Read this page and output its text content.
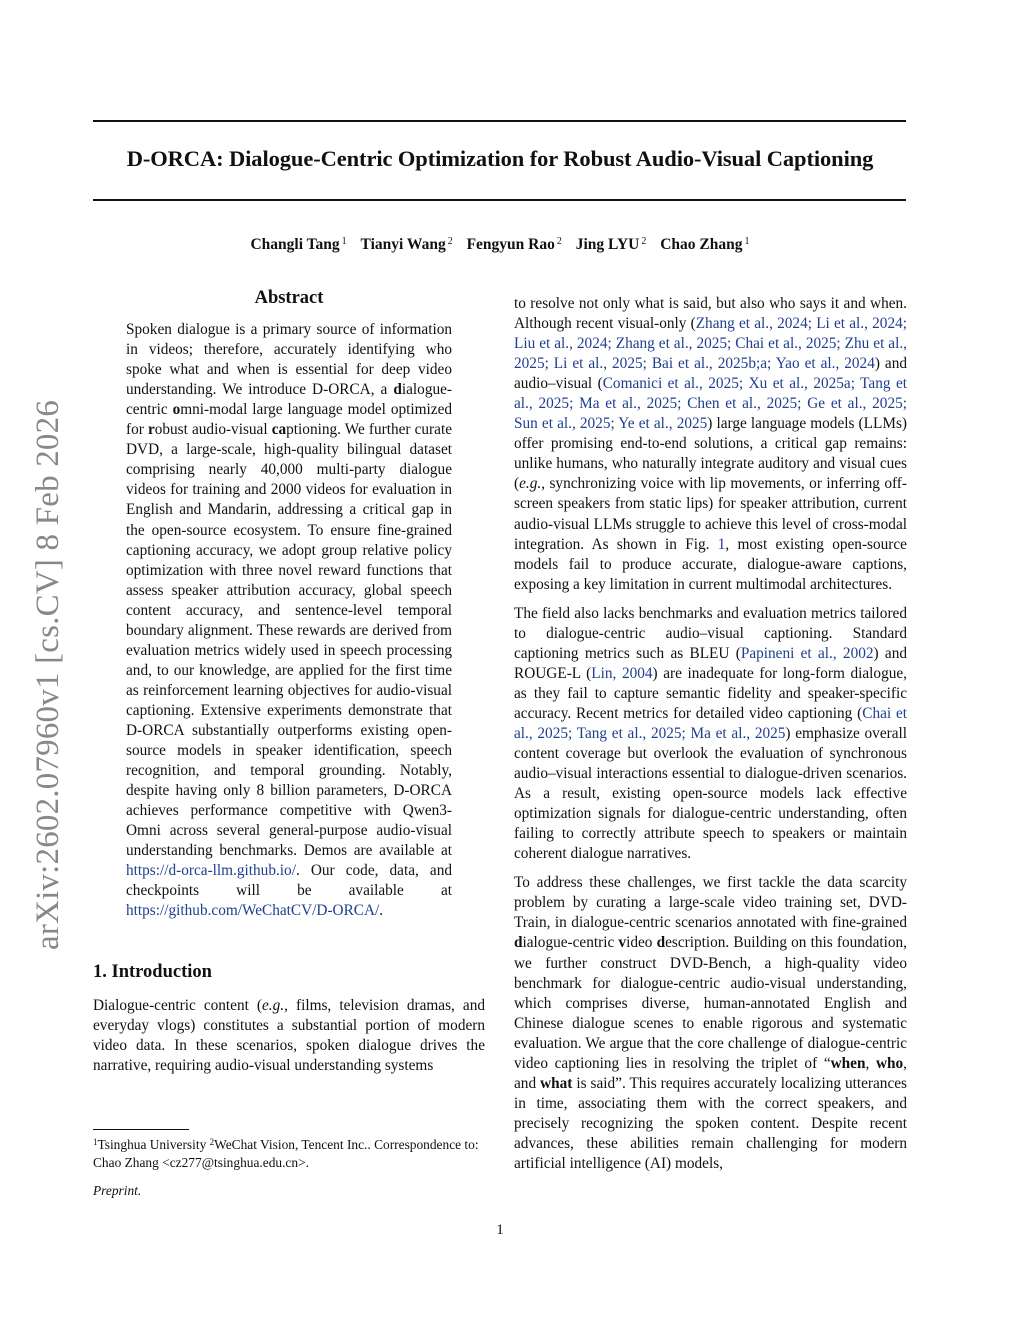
arXiv:2602.07960v1 [cs.CV] 8 Feb 2026
D-ORCA: Dialogue-Centric Optimization for Robust Audio-Visual Captioning
Changli Tang $^1$ Tianyi Wang $^2$ Fengyun Rao $^2$ Jing LYU $^2$ Chao Zhang $^1$
Abstract

Spoken dialogue is a primary source of information in videos; therefore, accurately identifying who spoke what and when is essential for deep video understanding. We introduce D-ORCA, a dialogue-centric omni-modal large language model optimized for robust audio-visual captioning. We further curate DVD, a large-scale, high-quality bilingual dataset comprising nearly 40,000 multi-party dialogue videos for training and 2000 videos for evaluation in English and Mandarin, addressing a critical gap in the open-source ecosystem. To ensure fine-grained captioning accuracy, we adopt group relative policy optimization with three novel reward functions that assess speaker attribution accuracy, global speech content accuracy, and sentence-level temporal boundary alignment. These rewards are derived from evaluation metrics widely used in speech processing and, to our knowledge, are applied for the first time as reinforcement learning objectives for audio-visual captioning. Extensive experiments demonstrate that D-ORCA substantially outperforms existing open-source models in speaker identification, speech recognition, and temporal grounding. Notably, despite having only 8 billion parameters, D-ORCA achieves performance competitive with Qwen3-Omni across several general-purpose audio-visual understanding benchmarks. Demos are available at https://d-orca-llm.github.io/. Our code, data, and checkpoints will be available at https://github.com/WeChatCV/D-ORCA/.

1. Introduction

Dialogue-centric content (e.g., films, television dramas, and everyday vlogs) constitutes a substantial portion of modern video data. In these scenarios, spoken dialogue drives the narrative, requiring audio-visual understanding systems

to resolve not only what is said, but also who says it and when. Although recent visual-only (Zhang et al., 2024; Li et al., 2024; Liu et al., 2024; Zhang et al., 2025; Chai et al., 2025; Zhu et al., 2025; Li et al., 2025; Bai et al., 2025b;a; Yao et al., 2024) and audio–visual (Comanici et al., 2025; Xu et al., 2025a; Tang et al., 2025; Ma et al., 2025; Chen et al., 2025; Ge et al., 2025; Sun et al., 2025; Ye et al., 2025) large language models (LLMs) offer promising end-to-end solutions, a critical gap remains: unlike humans, who naturally integrate auditory and visual cues (e.g., synchronizing voice with lip movements, or inferring off-screen speakers from static lips) for speaker attribution, current audio-visual LLMs struggle to achieve this level of cross-modal integration. As shown in Fig. 1, most existing open-source models fail to produce accurate, dialogue-aware captions, exposing a key limitation in current multimodal architectures.

The field also lacks benchmarks and evaluation metrics tailored to dialogue-centric audio–visual captioning. Standard captioning metrics such as BLEU (Papineni et al., 2002) and ROUGE-L (Lin, 2004) are inadequate for long-form dialogue, as they fail to capture semantic fidelity and speaker-specific accuracy. Recent metrics for detailed video captioning (Chai et al., 2025; Tang et al., 2025; Ma et al., 2025) emphasize overall content coverage but overlook the evaluation of synchronous audio–visual interactions essential to dialogue-driven scenarios. As a result, existing open-source models lack effective optimization signals for dialogue-centric understanding, often failing to correctly attribute speech to speakers or maintain coherent dialogue narratives.

To address these challenges, we first tackle the data scarcity problem by curating a large-scale video training set, DVD-Train, in dialogue-centric scenarios annotated with fine-grained dialogue-centric video description. Building on this foundation, we further construct DVD-Bench, a high-quality video benchmark for dialogue-centric audio-visual understanding, which comprises diverse, human-annotated English and Chinese dialogue scenes to enable rigorous and systematic evaluation. We argue that the core challenge of dialogue-centric video captioning lies in resolving the triplet of “when, who, and what is said”. This requires accurately localizing utterances in time, associating them with the correct speakers, and precisely recognizing the spoken content. Despite recent advances, these abilities remain challenging for modern artificial intelligence (AI) models,

$^1$Tsinghua University $^2$WeChat Vision, Tencent Inc.. Correspondence to: Chao Zhang <cz277@tsinghua.edu.cn>.
Preprint.
1
